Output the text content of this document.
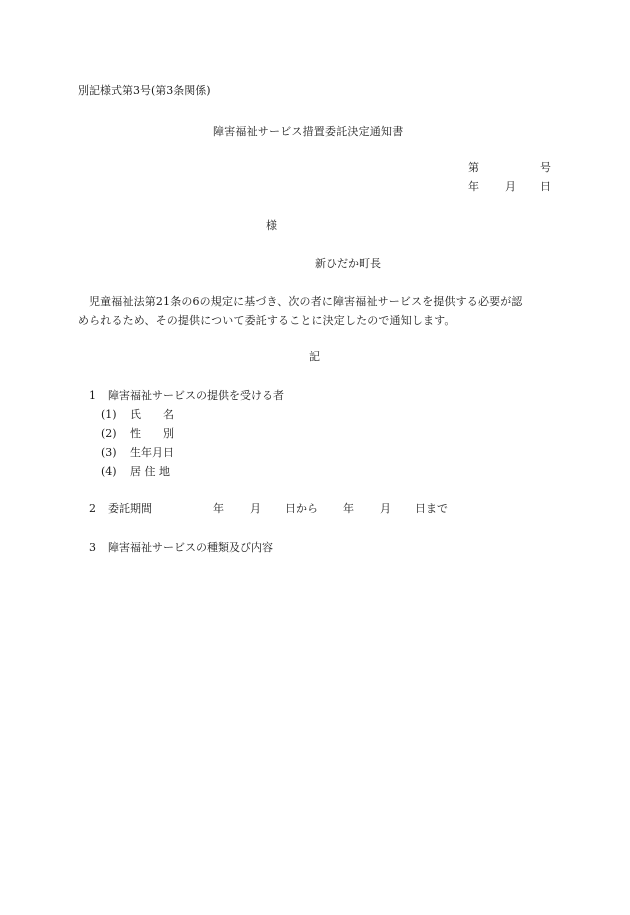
別記様式第3号(第3条関係)
障害福祉サービス措置委託決定通知書
第	号
年 月 日
様
新ひだか町長
児童福祉法第21条の6の規定に基づき、次の者に障害福祉サービスを提供する必要が認
められるため、その提供について委託することに決定したので通知します。
記
1 障害福祉サービスの提供を受ける者
(1) 氏　　名
(2) 性　　別
(3) 生年月日
(4) 居 住 地
2 委託期間	年 月 日から 年 月 日まで
3 障害福祉サービスの種類及び内容
